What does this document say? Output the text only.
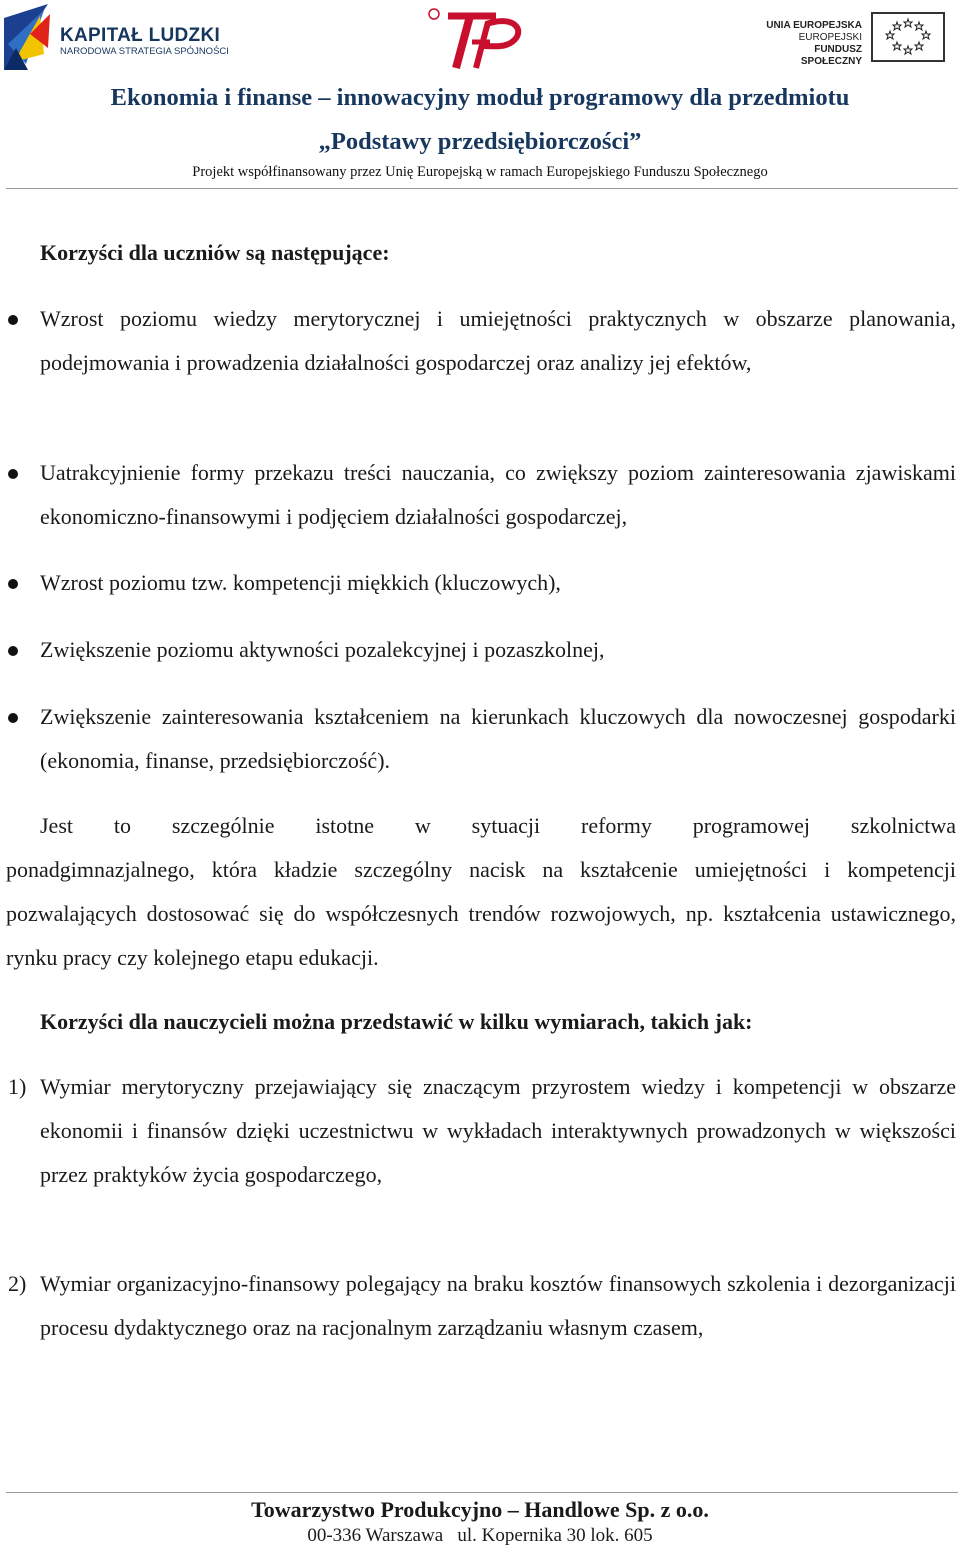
KAPITAŁ LUDZKI
NARODOWA STRATEGIA SPÓJNOŚCI
UNIA EUROPEJSKA
EUROPEJSKI
FUNDUSZ SPOŁECZNY
Ekonomia i finanse – innowacyjny moduł programowy dla przedmiotu
„Podstawy przedsiębiorczości”
Projekt współfinansowany przez Unię Europejską w ramach Europejskiego Funduszu Społecznego
Korzyści dla uczniów są następujące:
Wzrost poziomu wiedzy merytorycznej i umiejętności praktycznych w obszarze planowania, podejmowania i prowadzenia działalności gospodarczej oraz analizy jej efektów,
Uatrakcyjnienie formy przekazu treści nauczania, co zwiększy poziom zainteresowania zjawiskami ekonomiczno-finansowymi i podjęciem działalności gospodarczej,
Wzrost poziomu tzw. kompetencji miękkich (kluczowych),
Zwiększenie poziomu aktywności pozalekcyjnej i pozaszkolnej,
Zwiększenie zainteresowania kształceniem na kierunkach kluczowych dla nowoczesnej gospodarki (ekonomia, finanse, przedsiębiorczość).
Jest to szczególnie istotne w sytuacji reformy programowej szkolnictwa
ponadgimnazjalnego, która kładzie szczególny nacisk na kształcenie umiejętności i kompetencji pozwalających dostosować się do współczesnych trendów rozwojowych, np. kształcenia ustawicznego, rynku pracy czy kolejnego etapu edukacji.
Korzyści dla nauczycieli można przedstawić w kilku wymiarach, takich jak:
1) Wymiar merytoryczny przejawiający się znaczącym przyrostem wiedzy i kompetencji w obszarze ekonomii i finansów dzięki uczestnictwu w wykładach interaktywnych prowadzonych w większości przez praktyków życia gospodarczego,
2) Wymiar organizacyjno-finansowy polegający na braku kosztów finansowych szkolenia i dezorganizacji procesu dydaktycznego oraz na racjonalnym zarządzaniu własnym czasem,
Towarzystwo Produkcyjno – Handlowe Sp. z o.o.
00-336 Warszawa   ul. Kopernika 30 lok. 605
